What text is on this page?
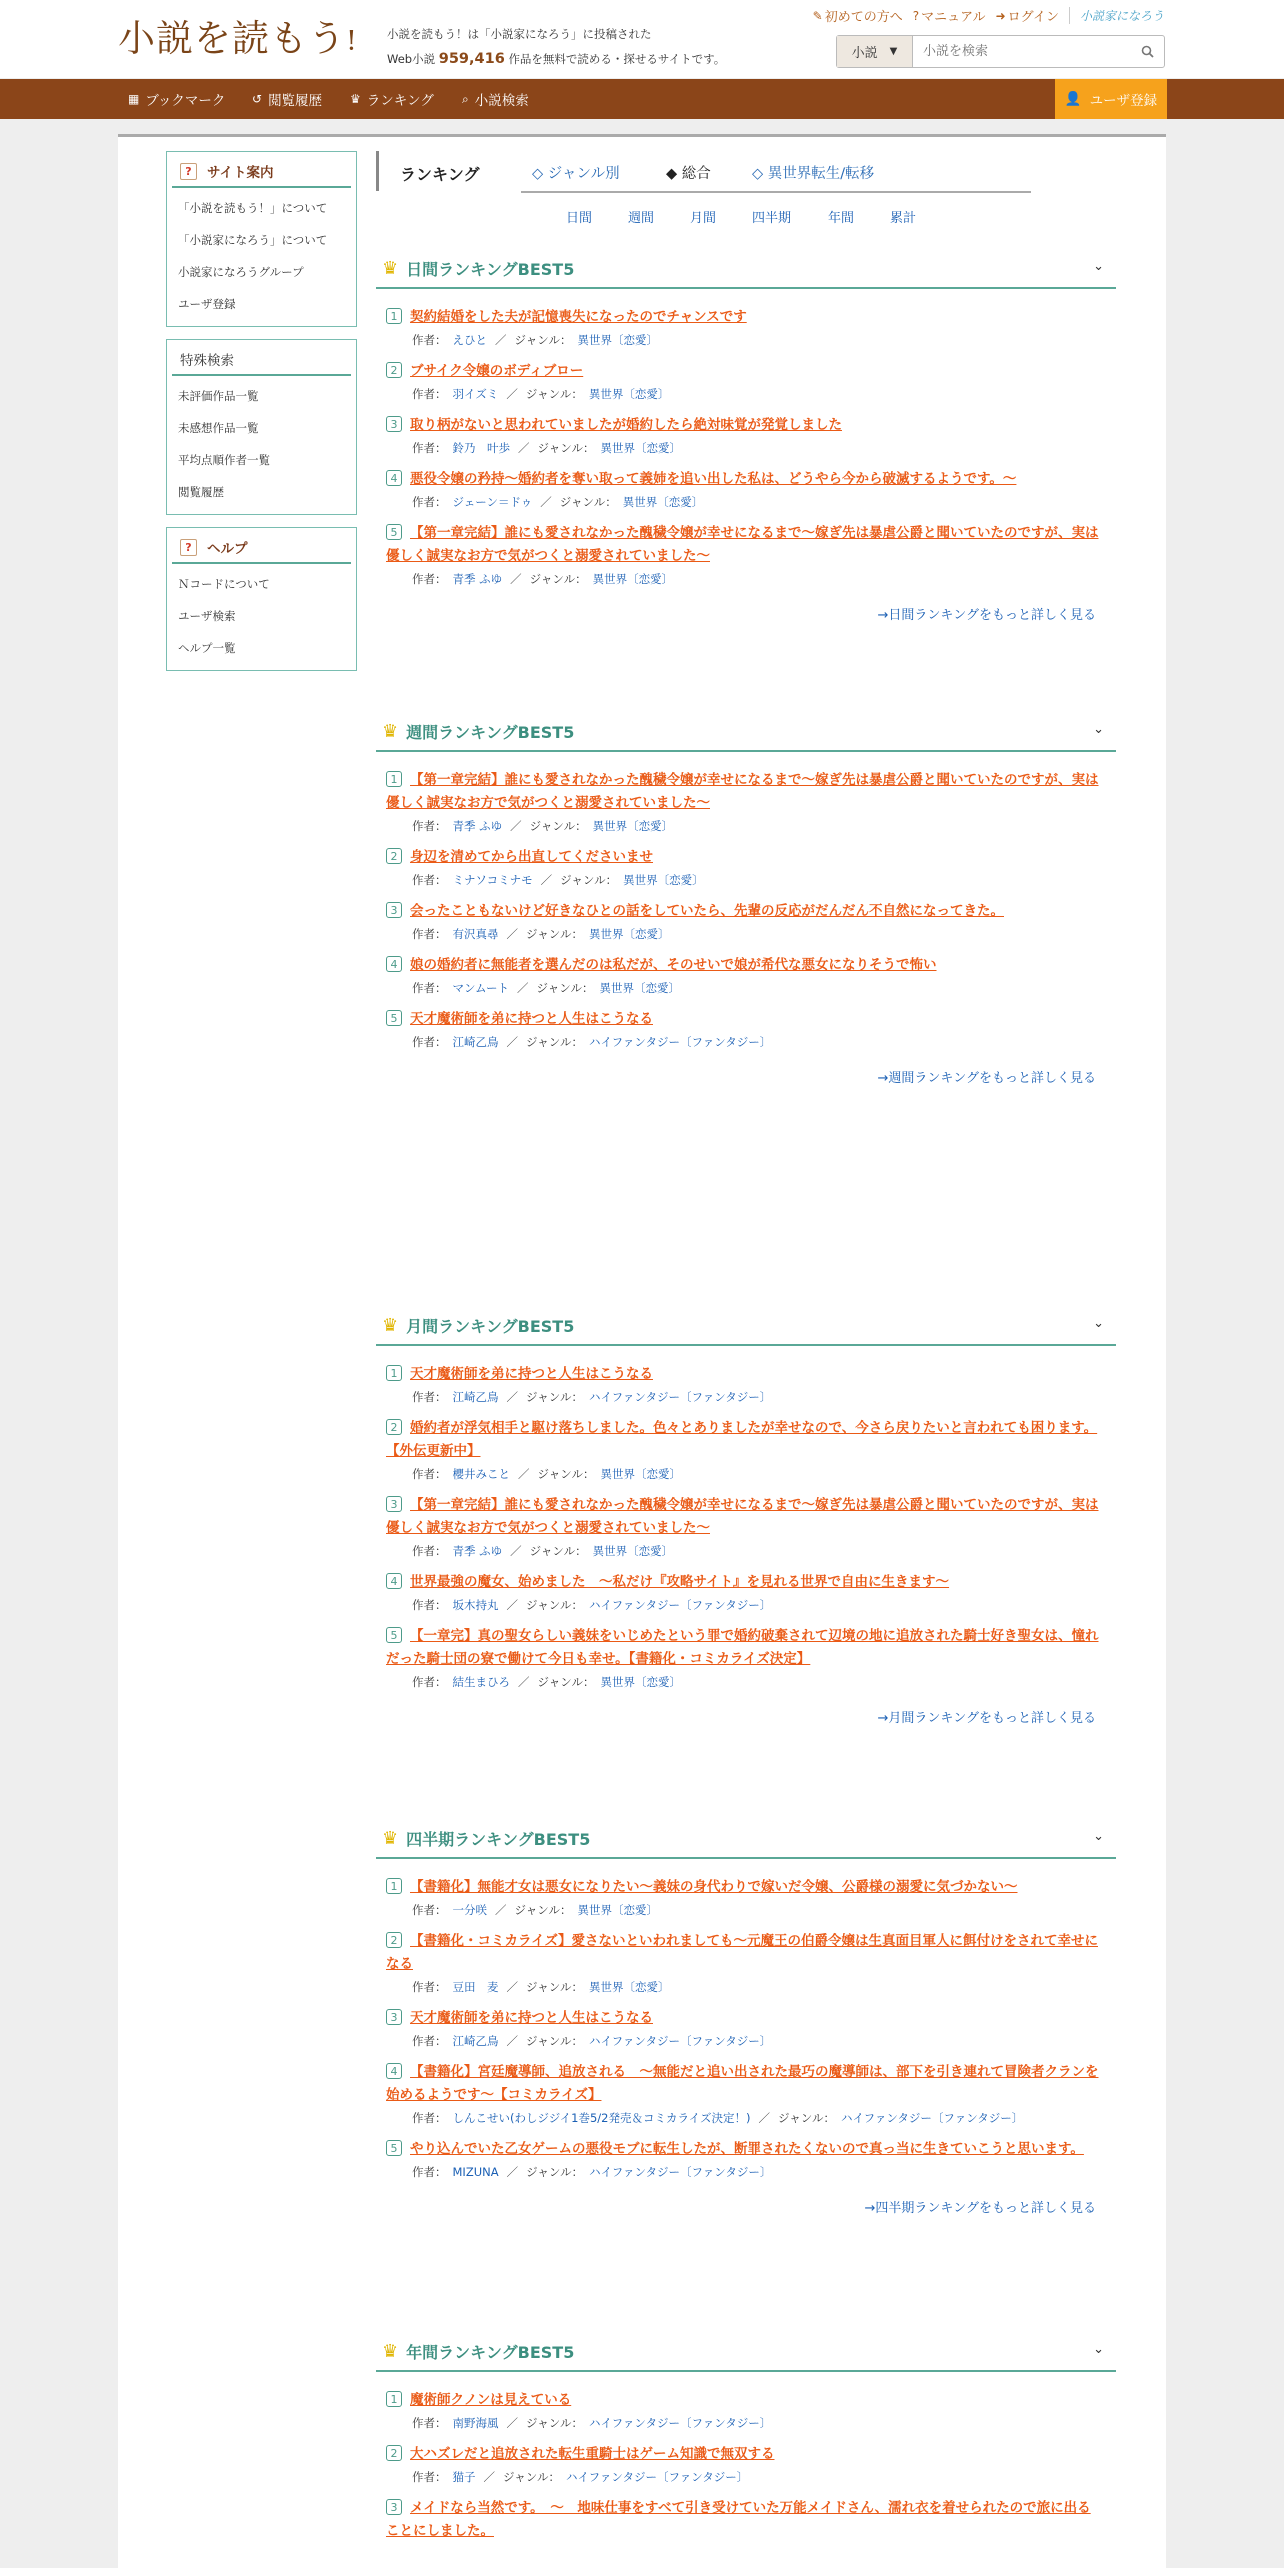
小説を読もう !	小説を読もう！は「小説家になろう」に投稿された
Web小説 959,416 作品を無料で読める・探せるサイトです。
✎ 初めての方へ ? マニュアル ➜ ログイン	小説家になろう
小説 ▼
小説を検索
▦ ブックマーク ↺ 閲覧履歴 ♛ ランキング ⌕ 小説検索	👤 ユーザ登録
?	サイト案内
「小説を読もう！」について
「小説家になろう」について
小説家になろうグループ
ユーザ登録
特殊検索
未評価作品一覧
未感想作品一覧
平均点順作者一覧
閲覧履歴
?	ヘルプ
Ｎコードについて
ユーザ検索
ヘルプ一覧
ランキング	◇ ジャンル別	◆ 総合	◇ 異世界転生/転移
日間	週間	月間	四半期	年間	累計
♛ 日間ランキングBEST5	⌄
1 契約結婚をした夫が記憶喪失になったのでチャンスです
作者： えひと ／ ジャンル： 異世界〔恋愛〕
2 ブサイク令嬢のボディブロー
作者： 羽イズミ ／ ジャンル： 異世界〔恋愛〕
3 取り柄がないと思われていましたが婚約したら絶対味覚が発覚しました
作者： 鈴乃　叶歩 ／ ジャンル： 異世界〔恋愛〕
4 悪役令嬢の矜持〜婚約者を奪い取って義姉を追い出した私は、どうやら今から破滅するようです。〜
作者： ジェーン＝ドゥ ／ ジャンル： 異世界〔恋愛〕
5 【第一章完結】誰にも愛されなかった醜穢令嬢が幸せになるまで〜嫁ぎ先は暴虐公爵と聞いていたのですが、実は優しく誠実なお方で気がつくと溺愛されていました〜
作者： 青季 ふゆ ／ ジャンル： 異世界〔恋愛〕
→日間ランキングをもっと詳しく見る
♛ 週間ランキングBEST5	⌄
1 【第一章完結】誰にも愛されなかった醜穢令嬢が幸せになるまで〜嫁ぎ先は暴虐公爵と聞いていたのですが、実は優しく誠実なお方で気がつくと溺愛されていました〜
作者： 青季 ふゆ ／ ジャンル： 異世界〔恋愛〕
2 身辺を清めてから出直してくださいませ
作者： ミナソコミナモ ／ ジャンル： 異世界〔恋愛〕
3 会ったこともないけど好きなひとの話をしていたら、先輩の反応がだんだん不自然になってきた。
作者： 有沢真尋 ／ ジャンル： 異世界〔恋愛〕
4 娘の婚約者に無能者を選んだのは私だが、そのせいで娘が希代な悪女になりそうで怖い
作者： マンムート ／ ジャンル： 異世界〔恋愛〕
5 天才魔術師を弟に持つと人生はこうなる
作者： 江崎乙鳥 ／ ジャンル： ハイファンタジー〔ファンタジー〕
→週間ランキングをもっと詳しく見る
♛ 月間ランキングBEST5	⌄
1 天才魔術師を弟に持つと人生はこうなる
作者： 江崎乙鳥 ／ ジャンル： ハイファンタジー〔ファンタジー〕
2 婚約者が浮気相手と駆け落ちしました。色々とありましたが幸せなので、今さら戻りたいと言われても困ります。【外伝更新中】
作者： 櫻井みこと ／ ジャンル： 異世界〔恋愛〕
3 【第一章完結】誰にも愛されなかった醜穢令嬢が幸せになるまで〜嫁ぎ先は暴虐公爵と聞いていたのですが、実は優しく誠実なお方で気がつくと溺愛されていました〜
作者： 青季 ふゆ ／ ジャンル： 異世界〔恋愛〕
4 世界最強の魔女、始めました　〜私だけ『攻略サイト』を見れる世界で自由に生きます〜
作者： 坂木持丸 ／ ジャンル： ハイファンタジー〔ファンタジー〕
5 【一章完】真の聖女らしい義妹をいじめたという罪で婚約破棄されて辺境の地に追放された騎士好き聖女は、憧れだった騎士団の寮で働けて今日も幸せ。【書籍化・コミカライズ決定】
作者： 結生まひろ ／ ジャンル： 異世界〔恋愛〕
→月間ランキングをもっと詳しく見る
♛ 四半期ランキングBEST5	⌄
1 【書籍化】無能才女は悪女になりたい〜義妹の身代わりで嫁いだ令嬢、公爵様の溺愛に気づかない〜
作者： 一分咲 ／ ジャンル： 異世界〔恋愛〕
2 【書籍化・コミカライズ】愛さないといわれましても〜元魔王の伯爵令嬢は生真面目軍人に餌付けをされて幸せになる
作者： 豆田　麦 ／ ジャンル： 異世界〔恋愛〕
3 天才魔術師を弟に持つと人生はこうなる
作者： 江崎乙鳥 ／ ジャンル： ハイファンタジー〔ファンタジー〕
4 【書籍化】宮廷魔導師、追放される　〜無能だと追い出された最巧の魔導師は、部下を引き連れて冒険者クランを始めるようです〜【コミカライズ】
作者： しんこせい(わしジジイ1巻5/2発売＆コミカライズ決定！) ／ ジャンル： ハイファンタジー〔ファンタジー〕
5 やり込んでいた乙女ゲームの悪役モブに転生したが、断罪されたくないので真っ当に生きていこうと思います。
作者： MIZUNA ／ ジャンル： ハイファンタジー〔ファンタジー〕
→四半期ランキングをもっと詳しく見る
♛ 年間ランキングBEST5	⌄
1 魔術師クノンは見えている
作者： 南野海風 ／ ジャンル： ハイファンタジー〔ファンタジー〕
2 大ハズレだと追放された転生重騎士はゲーム知識で無双する
作者： 猫子 ／ ジャンル： ハイファンタジー〔ファンタジー〕
3 メイドなら当然です。　〜　地味仕事をすべて引き受けていた万能メイドさん、濡れ衣を着せられたので旅に出ることにしました。
